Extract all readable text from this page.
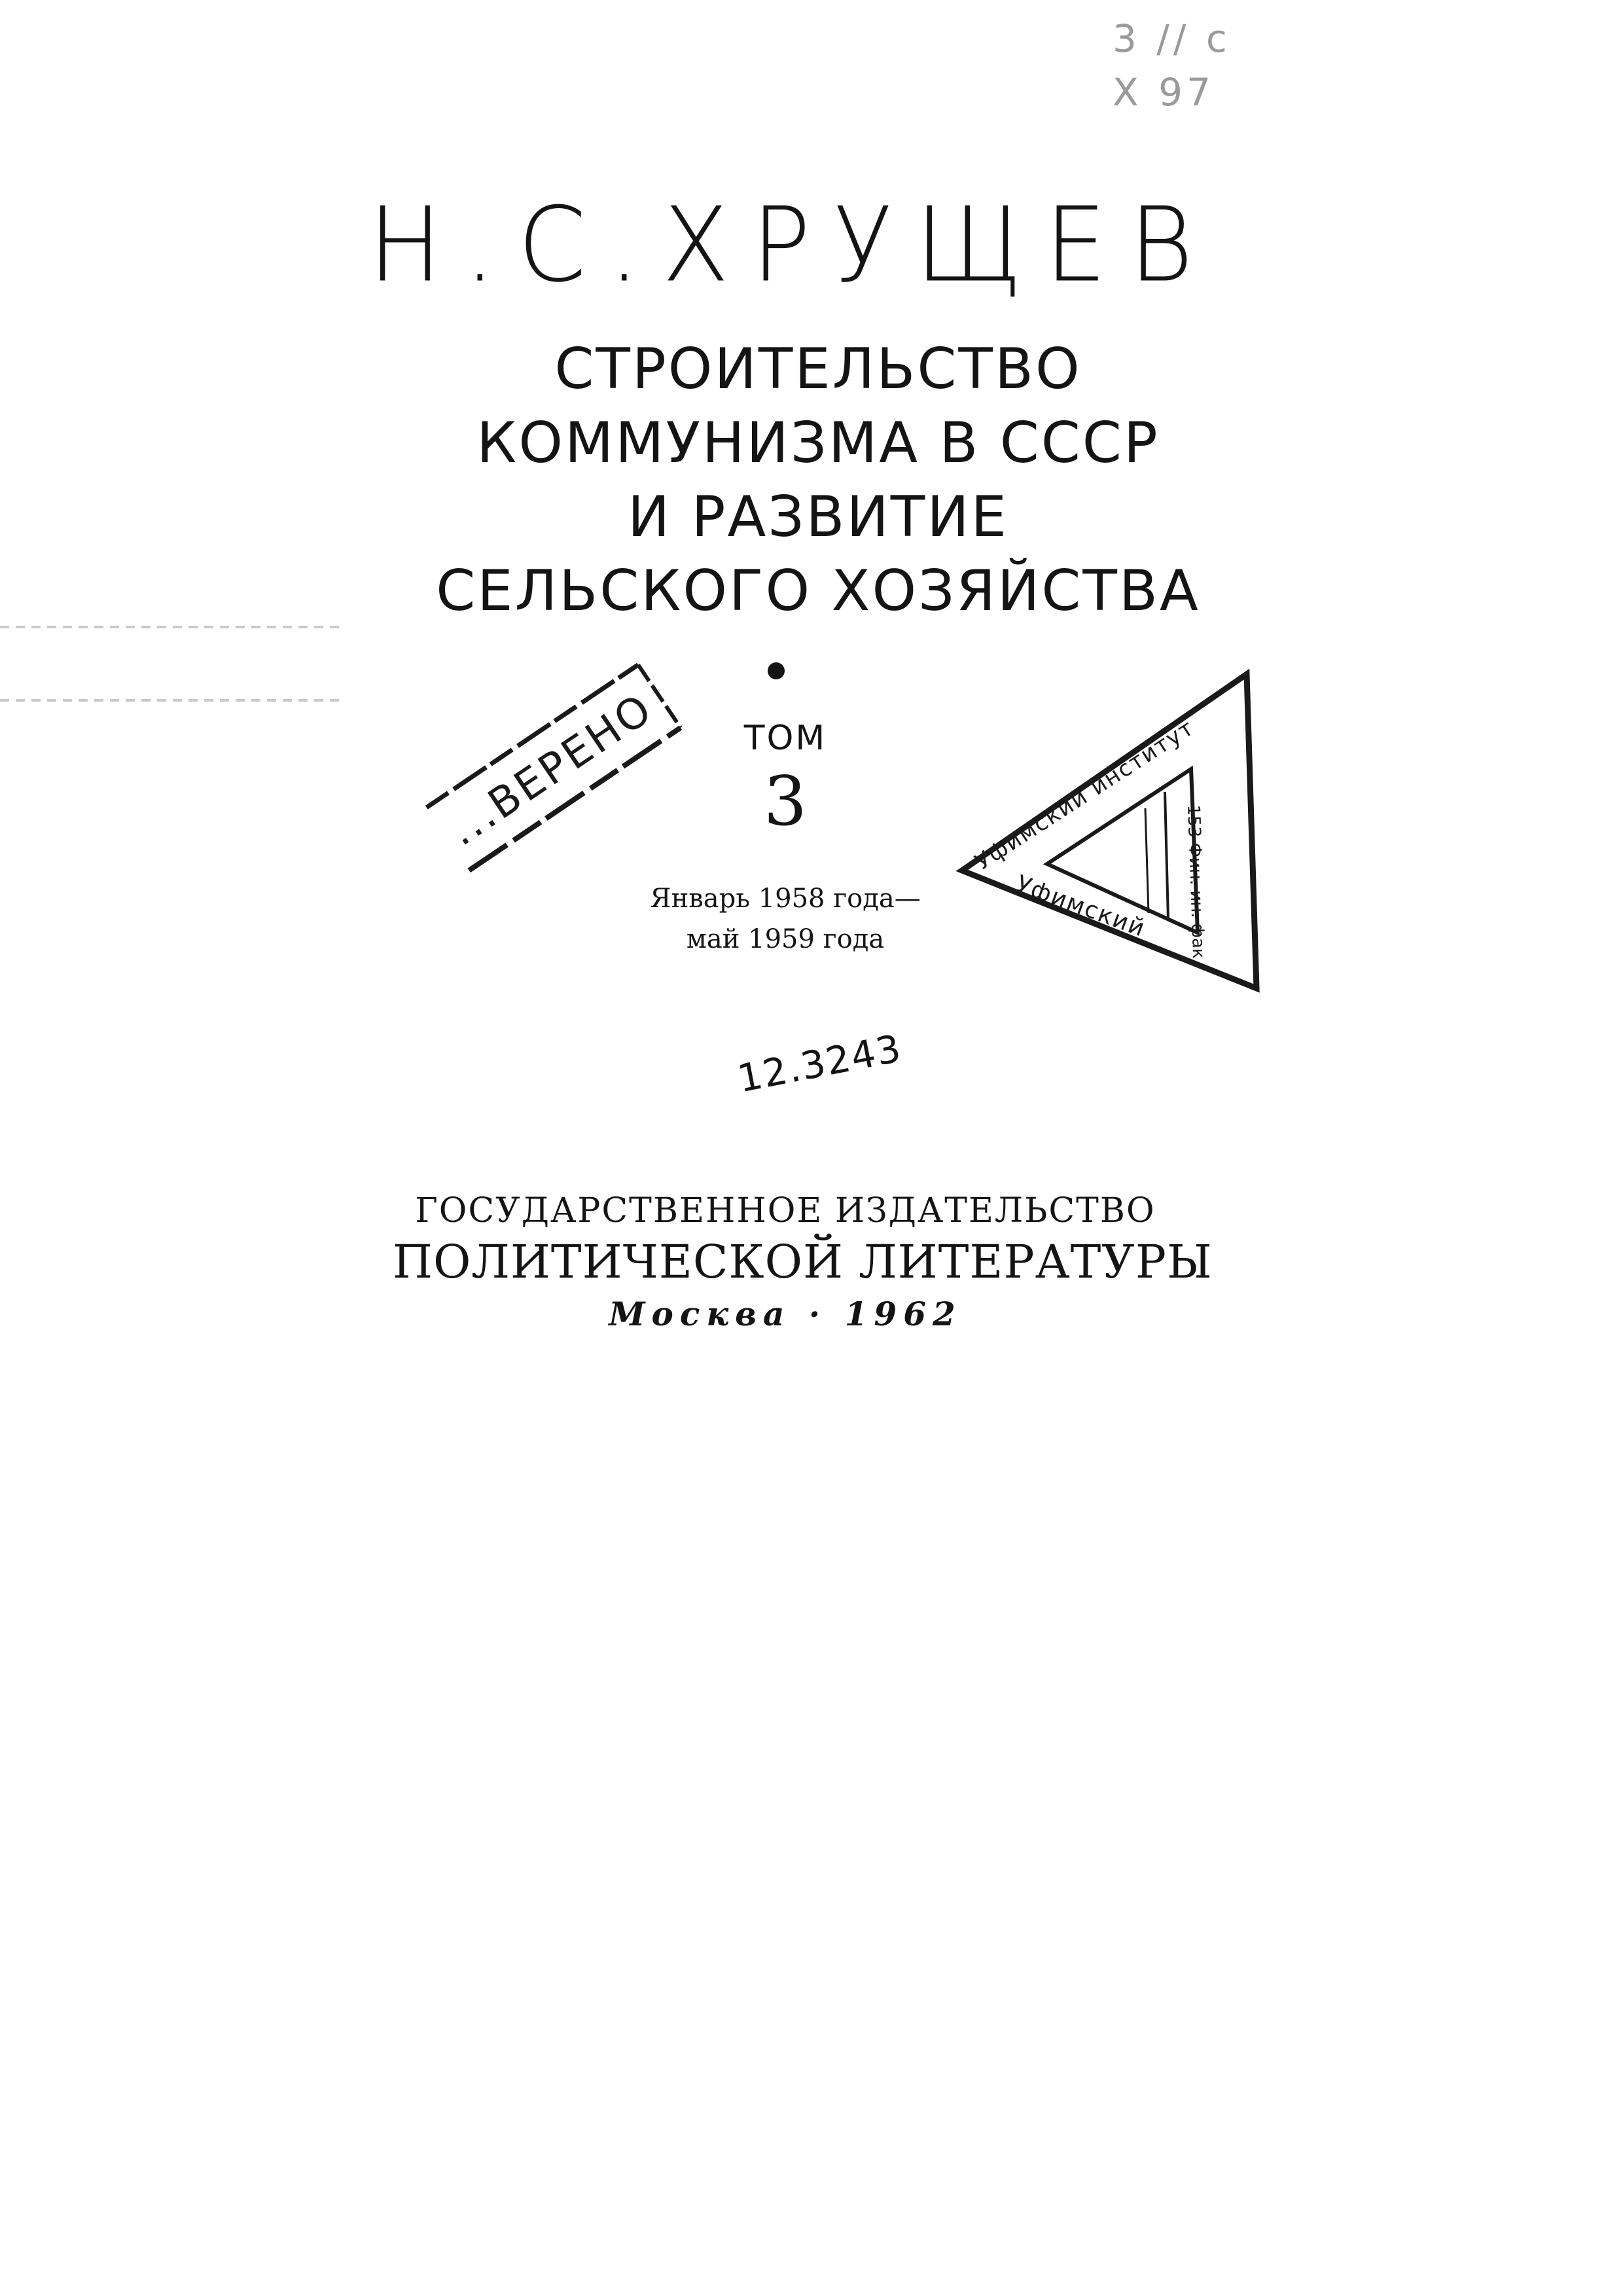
3 // c
X 97
Н.С.ХРУЩЕВ
СТРОИТЕЛЬСТВО
КОММУНИЗМА В СССР
И РАЗВИТИЕ
СЕЛЬСКОГО ХОЗЯЙСТВА
ТОМ
3
Январь 1958 года—
май 1959 года
...ВЕРЕНО
Уфимский институт
Уфимский 153 Фин. ин. фак.
12.3243
ГОСУДАРСТВЕННОЕ ИЗДАТЕЛЬСТВО
ПОЛИТИЧЕСКОЙ ЛИТЕРАТУРЫ
Москва · 1962
